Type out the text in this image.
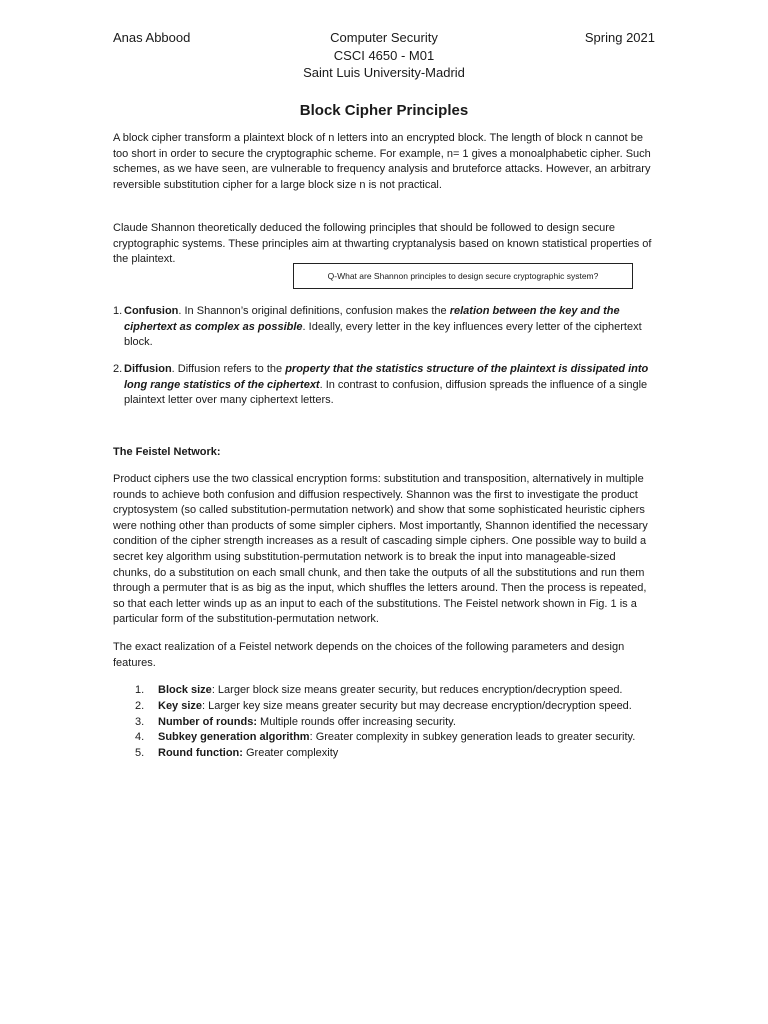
Anas Abbood	Computer Security
CSCI 4650 - M01
Saint Luis University-Madrid
Spring 2021
Block Cipher Principles
A block cipher transform a plaintext block of n letters into an encrypted block. The length of block n cannot be too short in order to secure the cryptographic scheme. For example, n= 1 gives a monoalphabetic cipher. Such schemes, as we have seen, are vulnerable to frequency analysis and bruteforce attacks. However, an arbitrary reversible substitution cipher for a large block size n is not practical.
Claude Shannon theoretically deduced the following principles that should be followed to design secure cryptographic systems. These principles aim at thwarting cryptanalysis based on known statistical properties of the plaintext.
Q-What are Shannon principles to design secure cryptographic system?
1. Confusion. In Shannon’s original definitions, confusion makes the relation between the key and the ciphertext as complex as possible. Ideally, every letter in the key influences every letter of the ciphertext block.
2. Diffusion. Diffusion refers to the property that the statistics structure of the plaintext is dissipated into long range statistics of the ciphertext. In contrast to confusion, diffusion spreads the influence of a single plaintext letter over many ciphertext letters.
The Feistel Network:
Product ciphers use the two classical encryption forms: substitution and transposition, alternatively in multiple rounds to achieve both confusion and diffusion respectively. Shannon was the first to investigate the product cryptosystem (so called substitution-permutation network) and show that some sophisticated heuristic ciphers were nothing other than products of some simpler ciphers. Most importantly, Shannon identified the necessary condition of the cipher strength increases as a result of cascading simple ciphers. One possible way to build a secret key algorithm using substitution-permutation network is to break the input into manageable-sized chunks, do a substitution on each small chunk, and then take the outputs of all the substitutions and run them through a permuter that is as big as the input, which shuffles the letters around. Then the process is repeated, so that each letter winds up as an input to each of the substitutions. The Feistel network shown in Fig. 1 is a particular form of the substitution-permutation network.
The exact realization of a Feistel network depends on the choices of the following parameters and design features.
1. Block size: Larger block size means greater security, but reduces encryption/decryption speed.
2. Key size: Larger key size means greater security but may decrease encryption/decryption speed.
3. Number of rounds: Multiple rounds offer increasing security.
4. Subkey generation algorithm: Greater complexity in subkey generation leads to greater security.
5. Round function: Greater complexity
